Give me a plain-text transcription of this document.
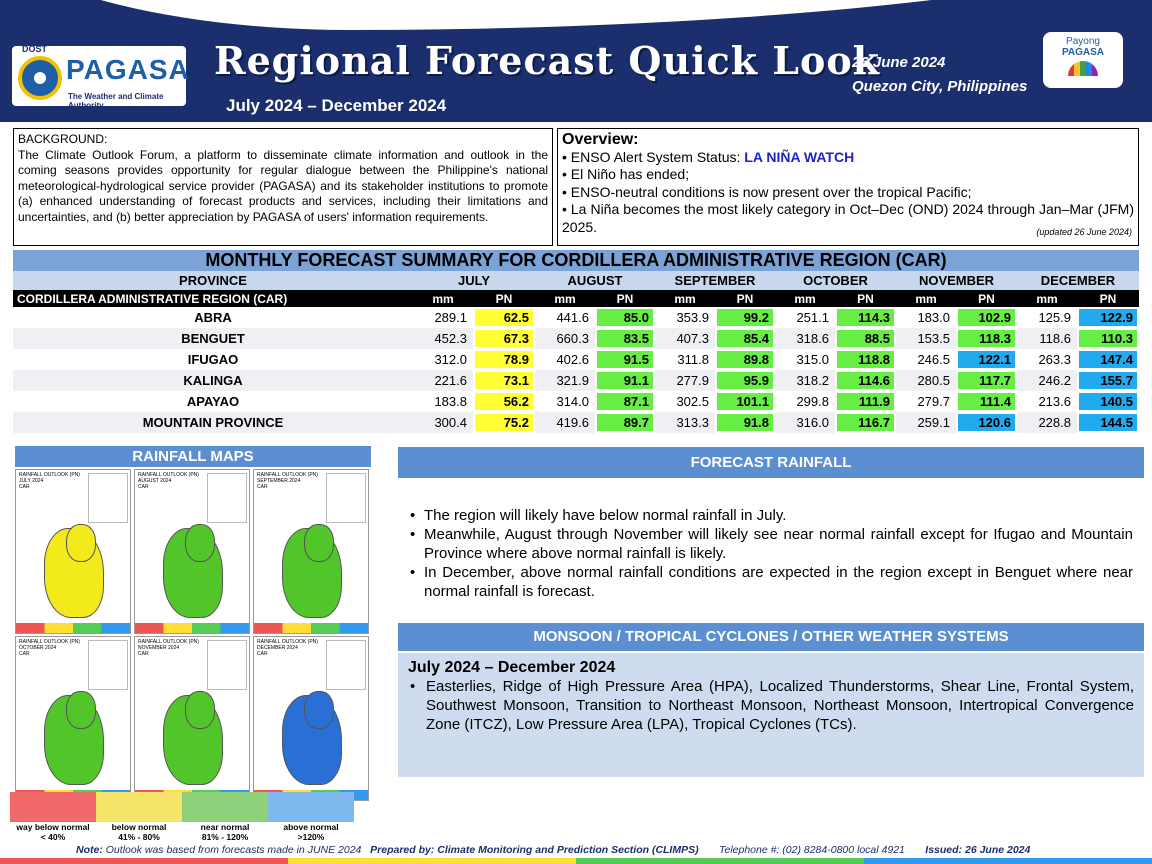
DOST
PAGASA
The Weather and Climate Authority
Regional Forecast Quick Look
July 2024 – December 2024
26 June 2024
Quezon City, Philippines
Payong
PAGASA
BACKGROUND:
The Climate Outlook Forum, a platform to disseminate climate information and outlook in the coming seasons provides opportunity for regular dialogue between the Philippine's national meteorological-hydrological service provider (PAGASA) and its stakeholder institutions to promote (a) enhanced understanding of forecast products and services, including their limitations and uncertainties, and (b) better appreciation by PAGASA of users' information requirements.
Overview:
• ENSO Alert System Status: LA NIÑA WATCH
• El Niño has ended;
• ENSO-neutral conditions is now present over the tropical Pacific;
• La Niña becomes the most likely category in Oct–Dec (OND) 2024 through Jan–Mar (JFM) 2025.	(updated 26 June 2024)
MONTHLY FORECAST SUMMARY FOR CORDILLERA ADMINISTRATIVE REGION (CAR)
PROVINCE	JULY		AUGUST		SEPTEMBER		OCTOBER		NOVEMBER		DECEMBER	
CORDILLERA ADMINISTRATIVE REGION (CAR)	mm	PN	mm	PN	mm	PN	mm	PN	mm	PN	mm	PN
ABRA	289.1	62.5	441.6	85.0	353.9	99.2	251.1	114.3	183.0	102.9	125.9	122.9

BENGUET	452.3	67.3	660.3	83.5	407.3	85.4	318.6	88.5	153.5	118.3	118.6	110.3

IFUGAO	312.0	78.9	402.6	91.5	311.8	89.8	315.0	118.8	246.5	122.1	263.3	147.4

KALINGA	221.6	73.1	321.9	91.1	277.9	95.9	318.2	114.6	280.5	117.7	246.2	155.7

APAYAO	183.8	56.2	314.0	87.1	302.5	101.1	299.8	111.9	279.7	111.4	213.6	140.5

MOUNTAIN PROVINCE	300.4	75.2	419.6	89.7	313.3	91.8	316.0	116.7	259.1	120.6	228.8	144.5
RAINFALL MAPS
RAINFALL OUTLOOK (PN)
JULY 2024
CAR
RAINFALL OUTLOOK (PN)
AUGUST 2024
CAR
RAINFALL OUTLOOK (PN)
SEPTEMBER 2024
CAR
RAINFALL OUTLOOK (PN)
OCTOBER 2024
CAR
RAINFALL OUTLOOK (PN)
NOVEMBER 2024
CAR
RAINFALL OUTLOOK (PN)
DECEMBER 2024
CAR
way below normal
< 40%
below normal
41% - 80%
near normal
81% - 120%
above normal
>120%
FORECAST RAINFALL
• The region will likely have below normal rainfall in July.
• Meanwhile, August through November will likely see near normal rainfall except for Ifugao and Mountain Province where above normal rainfall is likely.
• In December, above normal rainfall conditions are expected in the region except in Benguet where near normal rainfall is forecast.
MONSOON / TROPICAL CYCLONES / OTHER WEATHER SYSTEMS
July 2024 – December 2024
• Easterlies, Ridge of High Pressure Area (HPA), Localized Thunderstorms, Shear Line, Frontal System, Southwest Monsoon, Transition to Northeast Monsoon, Northeast Monsoon, Intertropical Convergence Zone (ITCZ), Low Pressure Area (LPA), Tropical Cyclones (TCs).
Note: Outlook was based from forecasts made in JUNE 2024 Prepared by: Climate Monitoring and Prediction Section (CLIMPS) Telephone #: (02) 8284-0800 local 4921 Issued: 26 June 2024
